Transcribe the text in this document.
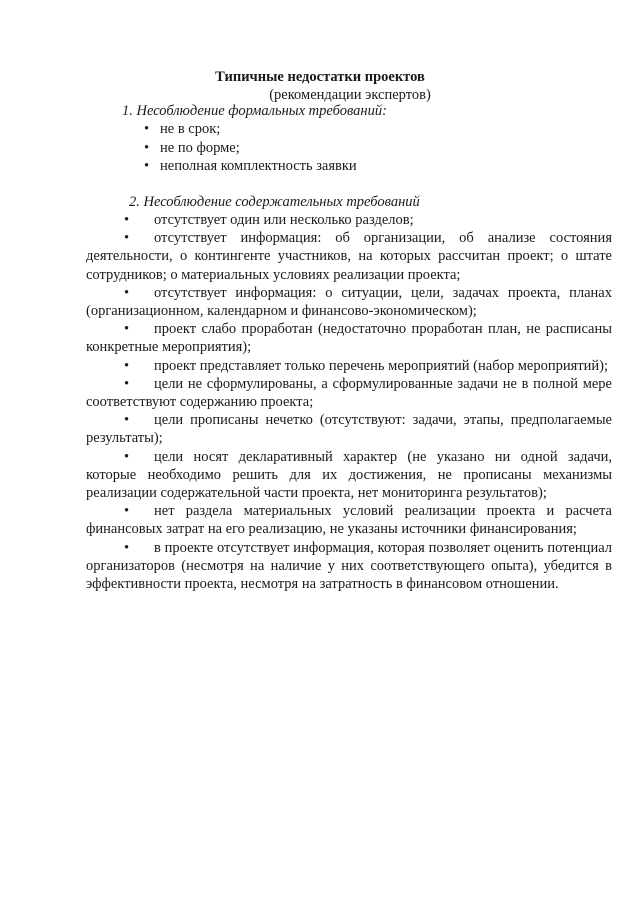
Типичные недостатки проектов
(рекомендации экспертов)
1. Несоблюдение формальных требований:
• не в срок;
• не по форме;
• неполная комплектность заявки
2. Несоблюдение содержательных требований
• отсутствует один или несколько разделов;
• отсутствует информация: об организации, об анализе состояния деятельности, о контингенте участников, на которых рассчитан проект; о штате сотрудников; о материальных условиях реализации проекта;
• отсутствует информация: о ситуации, цели, задачах проекта, планах (организационном, календарном и финансово-экономическом);
• проект слабо проработан (недостаточно проработан план, не расписаны конкретные мероприятия);
• проект представляет только перечень мероприятий (набор мероприятий);
• цели не сформулированы, а сформулированные задачи не в полной мере соответствуют содержанию проекта;
• цели прописаны нечетко (отсутствуют: задачи, этапы, предполагаемые результаты);
• цели носят декларативный характер (не указано ни одной задачи, которые необходимо решить для их достижения, не прописаны механизмы реализации содержательной части проекта, нет мониторинга результатов);
• нет раздела материальных условий реализации проекта и расчета финансовых затрат на его реализацию, не указаны источники финансирования;
• в проекте отсутствует информация, которая позволяет оценить потенциал организаторов (несмотря на наличие у них соответствующего опыта), убедится в эффективности проекта, несмотря на затратность в финансовом отношении.
